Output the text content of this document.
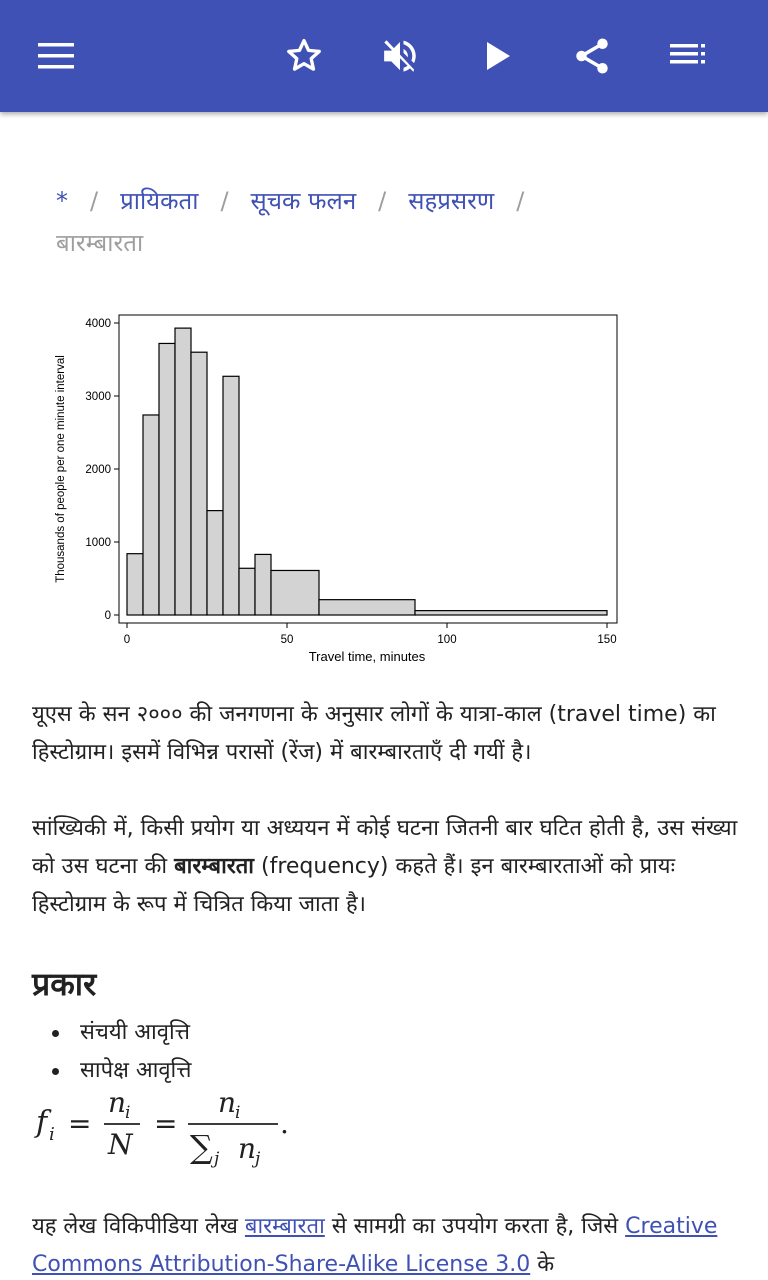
* / प्रायिकता / सूचक फलन / सहप्रसरण /
बारम्बारता
0	50	100	150
0
1000
2000
3000
4000
Thousands of people per one minute interval
Travel time, minutes
यूएस के सन २००० की जनगणना के अनुसार लोगों के यात्रा-काल (travel time) का हिस्टोग्राम। इसमें विभिन्न परासों (रेंज) में बारम्बारताएँ दी गयीं है।
सांख्यिकी में, किसी प्रयोग या अध्ययन में कोई घटना जितनी बार घटित होती है, उस संख्या को उस घटना की बारम्बारता (frequency) कहते हैं। इन बारम्बारताओं को प्रायः हिस्टोग्राम के रूप में चित्रित किया जाता है।
प्रकार
संचयी आवृत्ति
सापेक्ष आवृत्ति
f i =
n
i
N
=
n
i
∑ j n
j
.
यह लेख विकिपीडिया लेख बारम्बारता से सामग्री का उपयोग करता है, जिसे Creative Commons Attribution-Share-Alike License 3.0 के
